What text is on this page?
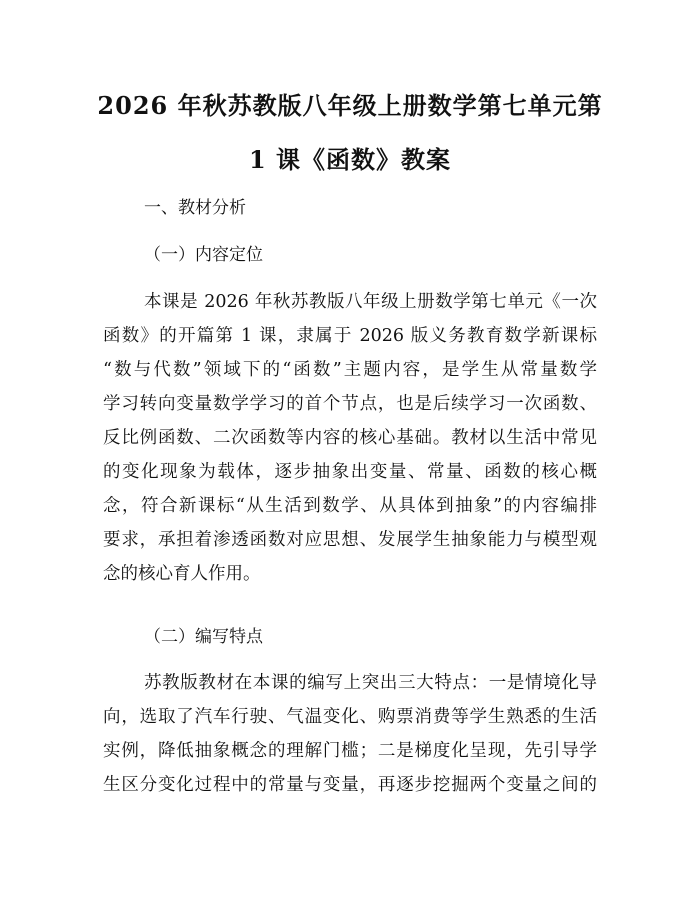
2026 年秋苏教版八年级上册数学第七单元第
1 课《函数》教案
一、教材分析
（一）内容定位
本课是 2026 年秋苏教版八年级上册数学第七单元《一次
函数》的开篇第 1 课，隶属于 2026 版义务教育数学新课标
“数与代数”领域下的“函数”主题内容，是学生从常量数学
学习转向变量数学学习的首个节点，也是后续学习一次函数、
反比例函数、二次函数等内容的核心基础。教材以生活中常见
的变化现象为载体，逐步抽象出变量、常量、函数的核心概
念，符合新课标“从生活到数学、从具体到抽象”的内容编排
要求，承担着渗透函数对应思想、发展学生抽象能力与模型观
念的核心育人作用。
（二）编写特点
苏教版教材在本课的编写上突出三大特点：一是情境化导
向，选取了汽车行驶、气温变化、购票消费等学生熟悉的生活
实例，降低抽象概念的理解门槛；二是梯度化呈现，先引导学
生区分变化过程中的常量与变量，再逐步挖掘两个变量之间的
